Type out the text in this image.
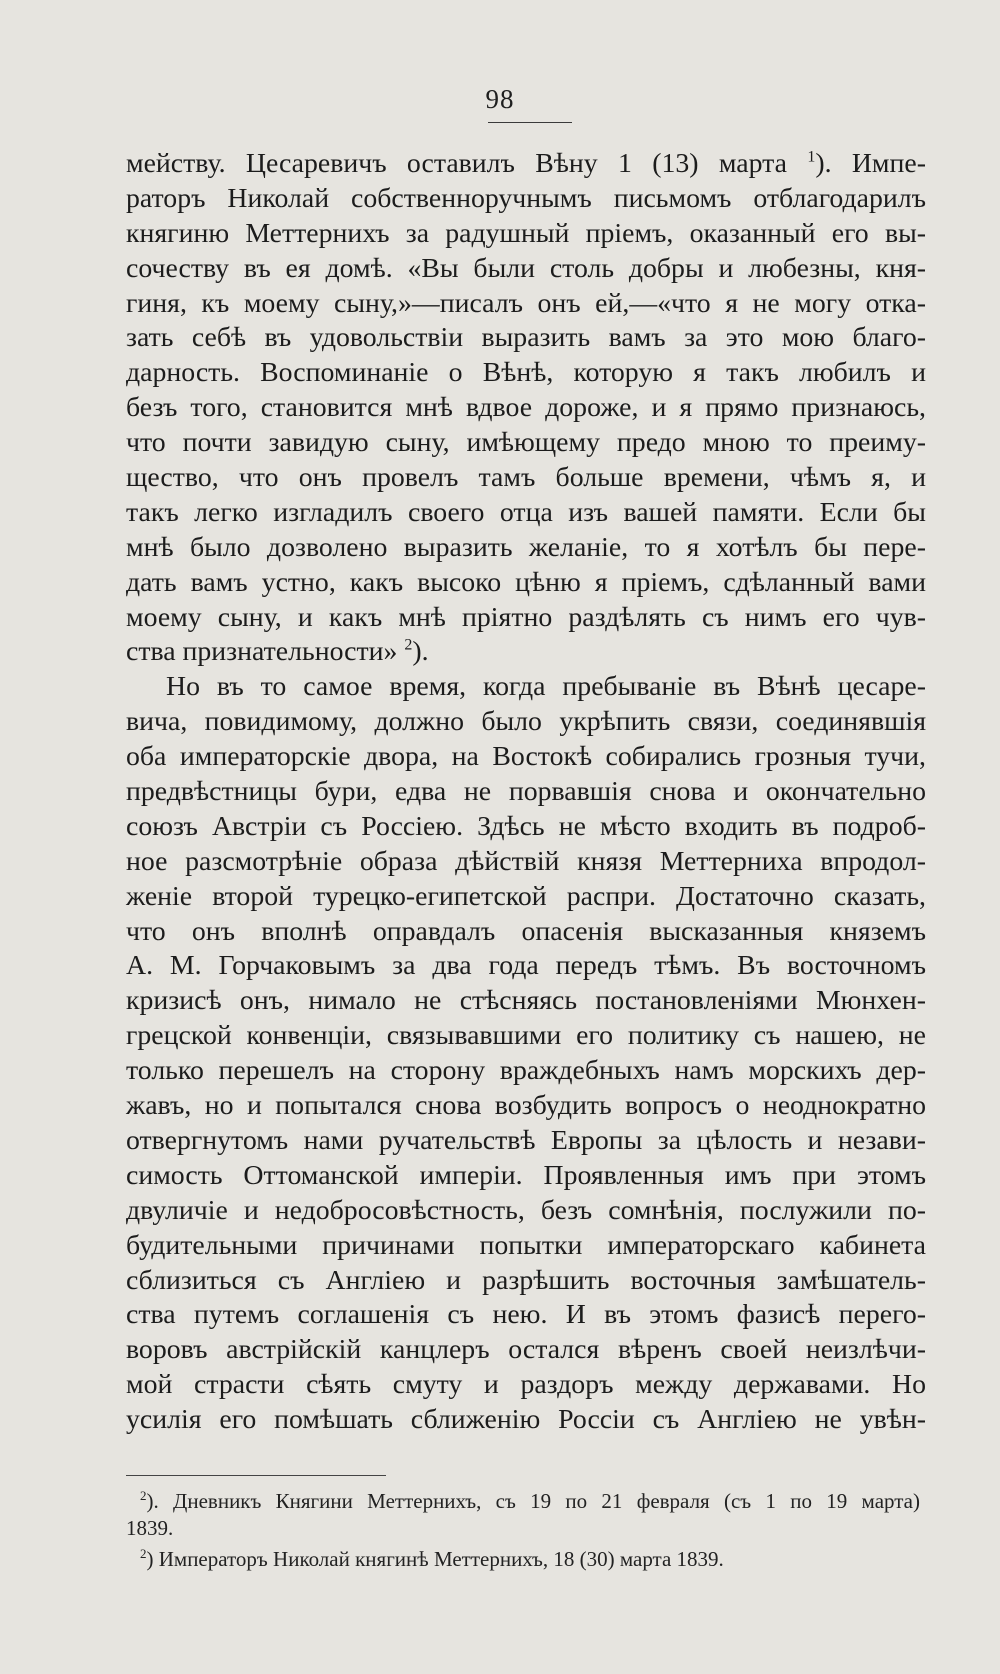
98
мейству. Цесаревичъ оставилъ Вѣну 1 (13) марта $^1$). Импе-
раторъ Николай собственноручнымъ письмомъ отблагодарилъ
княгиню Меттернихъ за радушный пріемъ, оказанный его вы-
сочеству въ ея домѣ. «Вы были столь добры и любезны, кня-
гиня, къ моему сыну,»—писалъ онъ ей,—«что я не могу отка-
зать себѣ въ удовольствіи выразить вамъ за это мою благо-
дарность. Воспоминаніе о Вѣнѣ, которую я такъ любилъ и
безъ того, становится мнѣ вдвое дороже, и я прямо признаюсь,
что почти завидую сыну, имѣющему предо мною то преиму-
щество, что онъ провелъ тамъ больше времени, чѣмъ я, и
такъ легко изгладилъ своего отца изъ вашей памяти. Если бы
мнѣ было дозволено выразить желаніе, то я хотѣлъ бы пере-
дать вамъ устно, какъ высоко цѣню я пріемъ, сдѣланный вами
моему сыну, и какъ мнѣ пріятно раздѣлять съ нимъ его чув-
ства признательности» $^2$).
Но въ то самое время, когда пребываніе въ Вѣнѣ цесаре-
вича, повидимому, должно было укрѣпить связи, соединявшія
оба императорскіе двора, на Востокѣ собирались грозныя тучи,
предвѣстницы бури, едва не порвавшія снова и окончательно
союзъ Австріи съ Россіею. Здѣсь не мѣсто входить въ подроб-
ное разсмотрѣніе образа дѣйствій князя Меттерниха впродол-
женіе второй турецко-египетской распри. Достаточно сказать,
что онъ вполнѣ оправдалъ опасенія высказанныя княземъ
А. М. Горчаковымъ за два года передъ тѣмъ. Въ восточномъ
кризисѣ онъ, нимало не стѣсняясь постановленіями Мюнхен-
грецской конвенціи, связывавшими его политику съ нашею, не
только перешелъ на сторону враждебныхъ намъ морскихъ дер-
жавъ, но и попытался снова возбудить вопросъ о неоднократно
отвергнутомъ нами ручательствѣ Европы за цѣлость и незави-
симость Оттоманской имперіи. Проявленныя имъ при этомъ
двуличіе и недобросовѣстность, безъ сомнѣнія, послужили по-
будительными причинами попытки императорскаго кабинета
сблизиться съ Англіею и разрѣшить восточныя замѣшатель-
ства путемъ соглашенія съ нею. И въ этомъ фазисѣ перего-
воровъ австрійскій канцлеръ остался вѣренъ своей неизлѣчи-
мой страсти сѣять смуту и раздоръ между державами. Но
усилія его помѣшать сближенію Россіи съ Англіею не увѣн-
$^2$). Дневникъ Княгини Меттернихъ, съ 19 по 21 февраля (съ 1 по 19 марта)
1839.
$^2$) Императоръ Николай княгинѣ Меттернихъ, 18 (30) марта 1839.
